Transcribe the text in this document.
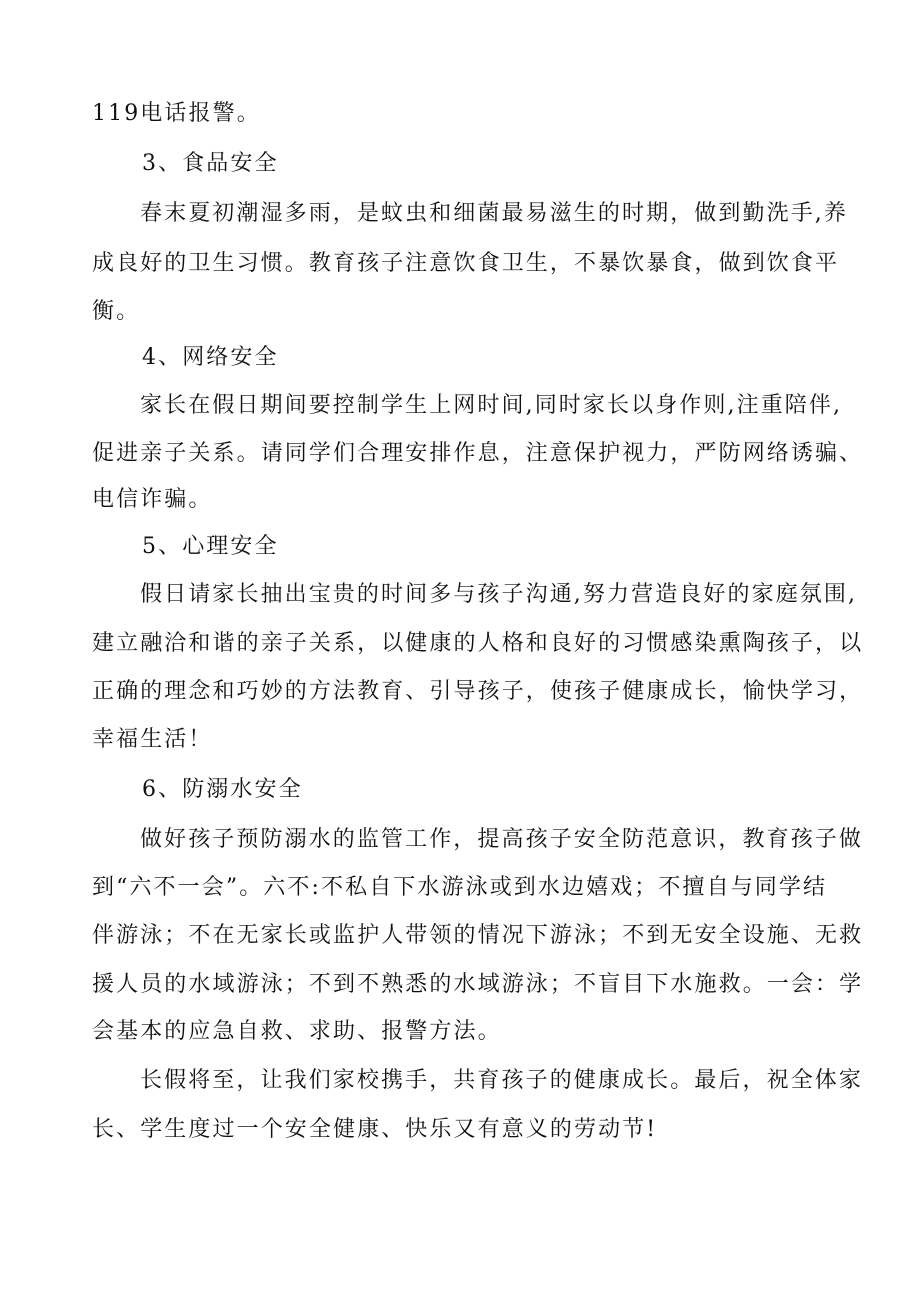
119电话报警。
3、食品安全
春末夏初潮湿多雨，是蚊虫和细菌最易滋生的时期，做到勤洗手,养
成良好的卫生习惯。教育孩子注意饮食卫生，不暴饮暴食，做到饮食平
衡。
4、网络安全
家长在假日期间要控制学生上网时间,同时家长以身作则,注重陪伴,
促进亲子关系。请同学们合理安排作息，注意保护视力，严防网络诱骗、
电信诈骗。
5、心理安全
假日请家长抽出宝贵的时间多与孩子沟通,努力营造良好的家庭氛围,
建立融洽和谐的亲子关系，以健康的人格和良好的习惯感染熏陶孩子，以
正确的理念和巧妙的方法教育、引导孩子，使孩子健康成长，愉快学习，
幸福生活！
6、防溺水安全
做好孩子预防溺水的监管工作，提高孩子安全防范意识，教育孩子做
到“六不一会”。六不:不私自下水游泳或到水边嬉戏；不擅自与同学结
伴游泳；不在无家长或监护人带领的情况下游泳；不到无安全设施、无救
援人员的水域游泳；不到不熟悉的水域游泳；不盲目下水施救。一会：学
会基本的应急自救、求助、报警方法。
长假将至，让我们家校携手，共育孩子的健康成长。最后，祝全体家
长、学生度过一个安全健康、快乐又有意义的劳动节!
